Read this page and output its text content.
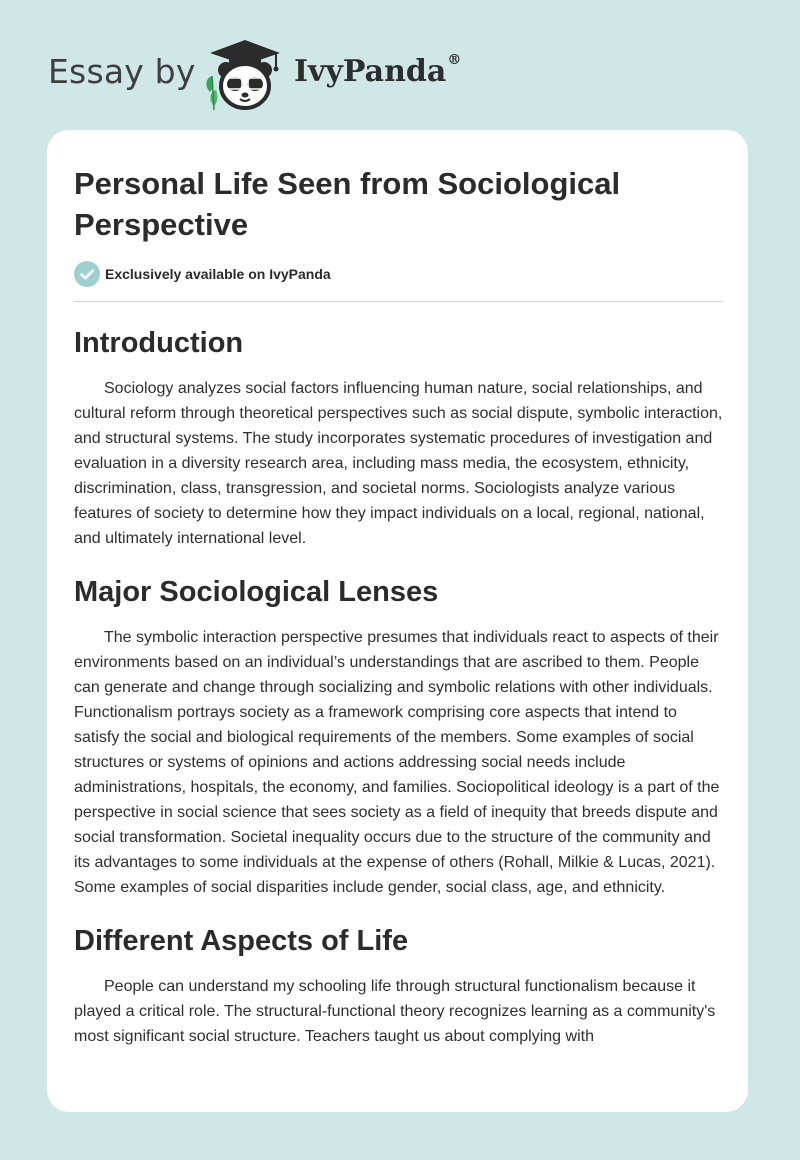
Essay by	IvyPanda®
Personal Life Seen from Sociological Perspective
Exclusively available on IvyPanda
Introduction

Sociology analyzes social factors influencing human nature, social relationships, and cultural reform through theoretical perspectives such as social dispute, symbolic interaction, and structural systems. The study incorporates systematic procedures of investigation and evaluation in a diversity research area, including mass media, the ecosystem, ethnicity, discrimination, class, transgression, and societal norms. Sociologists analyze various features of society to determine how they impact individuals on a local, regional, national, and ultimately international level.

Major Sociological Lenses

The symbolic interaction perspective presumes that individuals react to aspects of their environments based on an individual’s understandings that are ascribed to them. People can generate and change through socializing and symbolic relations with other individuals. Functionalism portrays society as a framework comprising core aspects that intend to satisfy the social and biological requirements of the members. Some examples of social structures or systems of opinions and actions addressing social needs include administrations, hospitals, the economy, and families. Sociopolitical ideology is a part of the perspective in social science that sees society as a field of inequity that breeds dispute and social transformation. Societal inequality occurs due to the structure of the community and its advantages to some individuals at the expense of others (Rohall, Milkie & Lucas, 2021). Some examples of social disparities include gender, social class, age, and ethnicity.

Different Aspects of Life

People can understand my schooling life through structural functionalism because it played a critical role. The structural-functional theory recognizes learning as a community's most significant social structure. Teachers taught us about complying with
